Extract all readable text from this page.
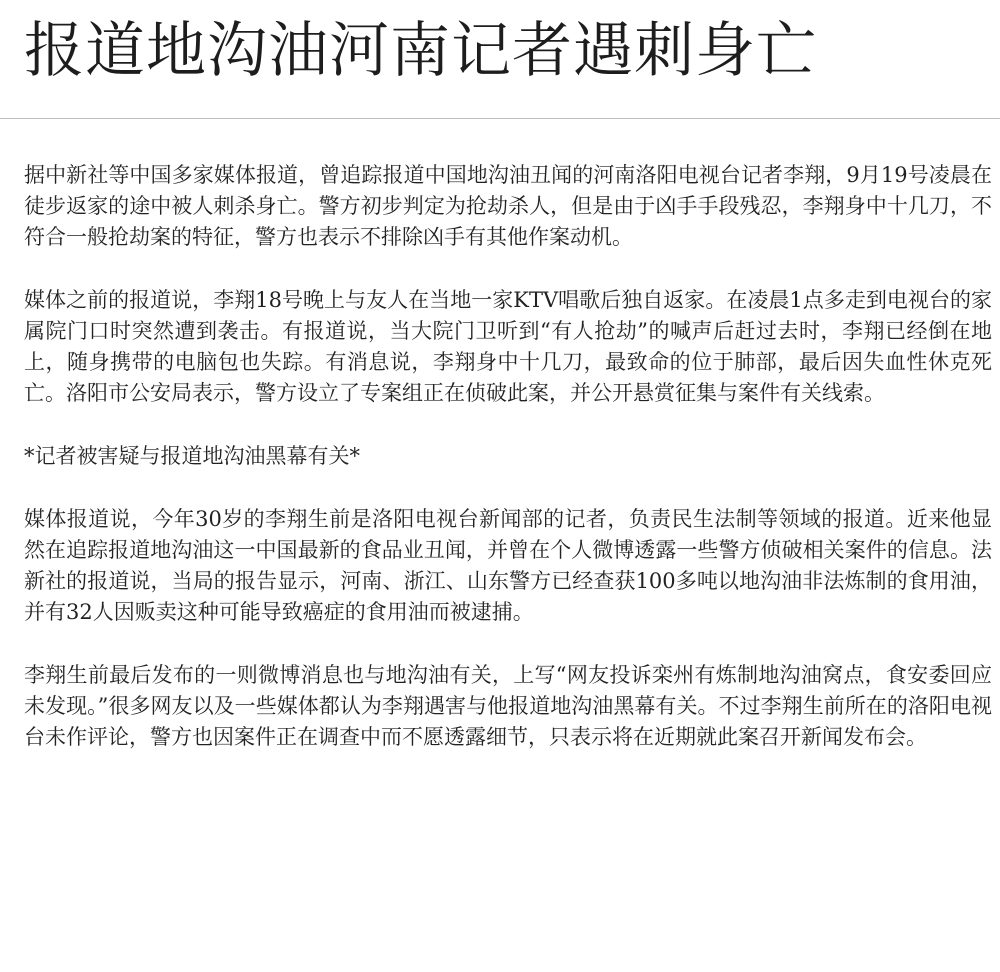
报道地沟油河南记者遇刺身亡

据中新社等中国多家媒体报道，曾追踪报道中国地沟油丑闻的河南洛阳电视台记者李翔，9月19号凌晨在徒步返家的途中被人刺杀身亡。警方初步判定为抢劫杀人，但是由于凶手手段残忍，李翔身中十几刀，不符合一般抢劫案的特征，警方也表示不排除凶手有其他作案动机。

媒体之前的报道说，李翔18号晚上与友人在当地一家KTV唱歌后独自返家。在凌晨1点多走到电视台的家属院门口时突然遭到袭击。有报道说，当大院门卫听到“有人抢劫”的喊声后赶过去时，李翔已经倒在地上，随身携带的电脑包也失踪。有消息说，李翔身中十几刀，最致命的位于肺部，最后因失血性休克死亡。洛阳市公安局表示，警方设立了专案组正在侦破此案，并公开悬赏征集与案件有关线索。

*记者被害疑与报道地沟油黑幕有关*

媒体报道说，今年30岁的李翔生前是洛阳电视台新闻部的记者，负责民生法制等领域的报道。近来他显然在追踪报道地沟油这一中国最新的食品业丑闻，并曾在个人微博透露一些警方侦破相关案件的信息。法新社的报道说，当局的报告显示，河南、浙江、山东警方已经查获100多吨以地沟油非法炼制的食用油，并有32人因贩卖这种可能导致癌症的食用油而被逮捕。

李翔生前最后发布的一则微博消息也与地沟油有关，上写“网友投诉栾州有炼制地沟油窝点，食安委回应未发现。”很多网友以及一些媒体都认为李翔遇害与他报道地沟油黑幕有关。不过李翔生前所在的洛阳电视台未作评论，警方也因案件正在调查中而不愿透露细节，只表示将在近期就此案召开新闻发布会。
